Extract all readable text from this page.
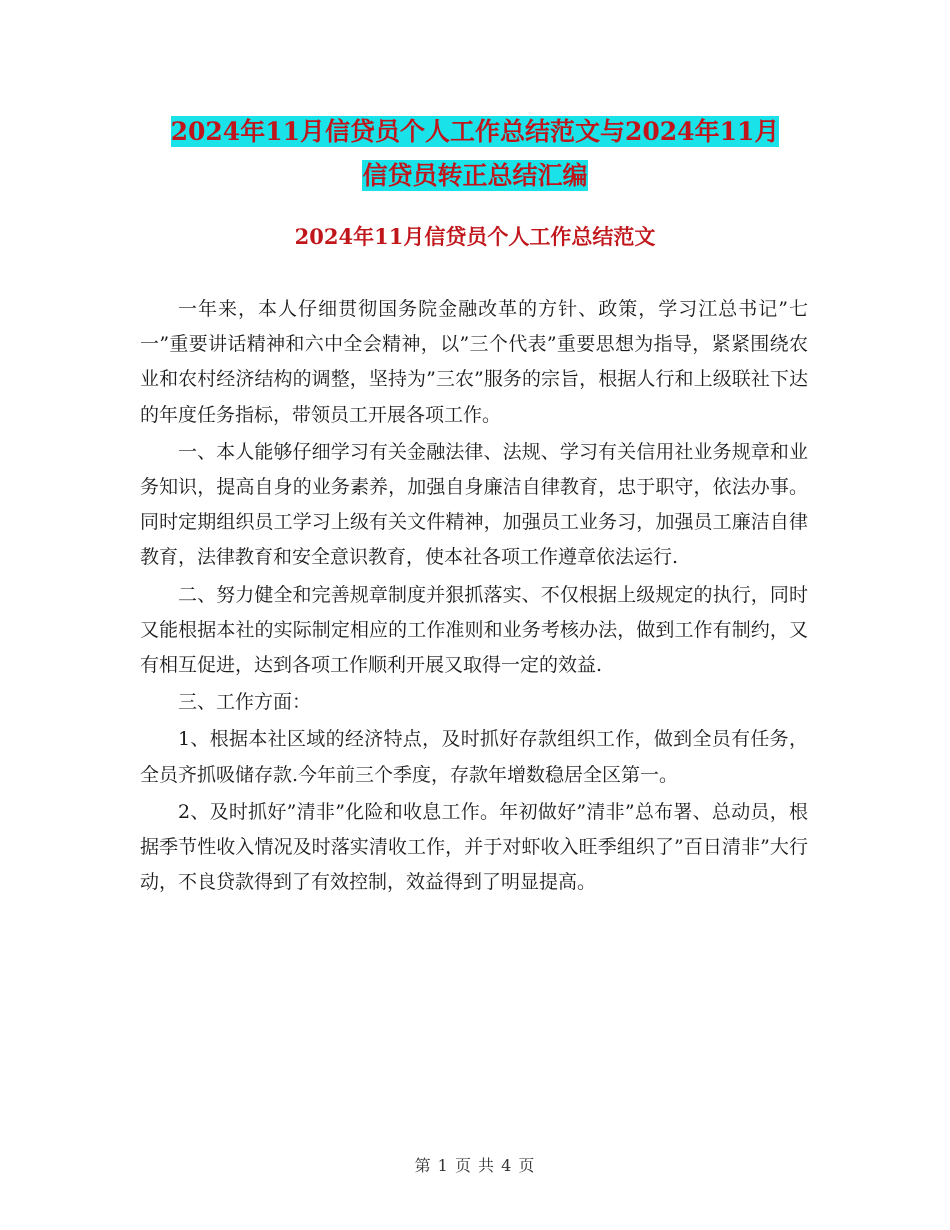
2024年11月信贷员个人工作总结范文与2024年11月
信贷员转正总结汇编
2024年11月信贷员个人工作总结范文

一年来，本人仔细贯彻国务院金融改革的方针、政策，学习江总书记”七一”重要讲话精神和六中全会精神，以”三个代表”重要思想为指导，紧紧围绕农业和农村经济结构的调整，坚持为”三农”服务的宗旨，根据人行和上级联社下达的年度任务指标，带领员工开展各项工作。

一、本人能够仔细学习有关金融法律、法规、学习有关信用社业务规章和业务知识，提高自身的业务素养，加强自身廉洁自律教育，忠于职守，依法办事。同时定期组织员工学习上级有关文件精神，加强员工业务习，加强员工廉洁自律教育，法律教育和安全意识教育，使本社各项工作遵章依法运行.

二、努力健全和完善规章制度并狠抓落实、不仅根据上级规定的执行，同时又能根据本社的实际制定相应的工作准则和业务考核办法，做到工作有制约，又有相互促进，达到各项工作顺利开展又取得一定的效益.

三、工作方面：

1、根据本社区域的经济特点，及时抓好存款组织工作，做到全员有任务，全员齐抓吸储存款.今年前三个季度，存款年增数稳居全区第一。

2、及时抓好”清非”化险和收息工作。年初做好”清非”总布署、总动员，根据季节性收入情况及时落实清收工作，并于对虾收入旺季组织了”百日清非”大行动，不良贷款得到了有效控制，效益得到了明显提高。

第 1 页 共 4 页
